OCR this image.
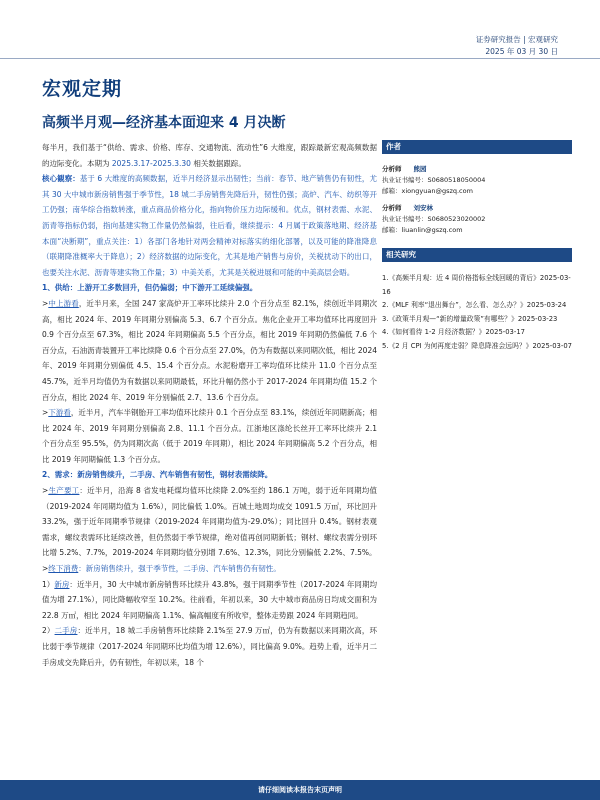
证券研究报告 | 宏观研究
2025 年 03 月 30 日
宏观定期
高频半月观—经济基本面迎来 4 月决断

每半月，我们基于“供给、需求、价格、库存、交通物流、流动性”6 大维度，跟踪最新宏观高频数据的边际变化。本期为 2025.3.17-2025.3.30 相关数据跟踪。

核心観察：基于 6 大维度的高频数据，近半月经济显示出韧性；当前：春节、地产销售仍有韧性，尤其 30 大中城市新房销售强于季节性，18 城二手房销售先降后升，韧性仍强；高炉、汽车、纺织等开工仍强；南华综合指数转涨，重点商品价格分化，指向物价压力边际缓和。优点，钢材表需、水泥、沥青等指标仍弱，指向基建实物工作量仍然偏弱，往后看，继续提示：4 月属于政策落地期、经济基本面“决断期”，重点关注：1）各部门各地针对两会精神对标落实的细化部署，以及可能的降准降息（联期降准概率大于降息）；2）经济数据的边际变化，尤其是地产销售与房价，关税扰动下的出口，也要关注水泥、沥青等建实物工作量；3）中美关系，尤其是关税进展和可能的中美高层会晤。

1、供给：上游开工多数回升，但仍偏弱；中下游开工延续偏强。

>中上游看，近半月来，全国 247 家高炉开工率环比续升 2.0 个百分点至 82.1%，续创近半同期次高，相比 2024 年、2019 年同期分别偏高 5.3、6.7 个百分点。焦化企业开工率均值环比再度回升 0.9 个百分点至 67.3%，相比 2024 年同期偏高 5.5 个百分点，相比 2019 年同期仍然偏低 7.6 个百分点，石油沥青装置开工率比续降 0.6 个百分点至 27.0%，仍为有数据以来同期次低，相比 2024 年、2019 年同期分别偏低 4.5、15.4 个百分点。水泥粉磨开工率均值环比续升 11.0 个百分点至 45.7%，近半月均值仍为有数据以来同期最低，环比升幅仍然小于 2017-2024 年同期均值 15.2 个百分点，相比 2024 年、2019 年分别偏低 2.7、13.6 个百分点。

>下游看，近半月，汽车半钢胎开工率均值环比续升 0.1 个百分点至 83.1%，续创近年同期新高；相比 2024 年、2019 年同期分别偏高 2.8、11.1 个百分点。江浙地区涤纶长丝开工率环比续升 2.1 个百分点至 95.5%，仍为同期次高（低于 2019 年同期），相比 2024 年同期偏高 5.2 个百分点，相比 2019 年同期偏低 1.3 个百分点。

2、需求：新房销售续升，二手房、汽车销售有韧性，钢材表需续降。

>生产要工：近半月，沿海 8 省发电耗煤均值环比续降 2.0%至约 186.1 万吨，弱于近年同期均值（2019-2024 年同期均值为 1.6%），同比偏低 1.0%。百城土地周均成交 1091.5 万㎡，环比回升 33.2%，强于近年同期季节规律（2019-2024 年同期均值为-29.0%）；同比回升 0.4%。钢材表观需求，螺纹表需环比延续改善，但仍然弱于季节规律，绝对值再创同期新低；钢材、螺纹表需分别环比增 5.2%、7.7%，2019-2024 年同期均值分别增 7.6%、12.3%，同比分别偏低 2.2%、7.5%。

>终下消费：新房销售续升，强于季节性，二手房、汽车销售仍有韧性。

1）新房：近半月，30 大中城市新房销售环比续升 43.8%，强于同期季节性（2017-2024 年同期均值为增 27.1%），同比降幅收窄至 10.2%。往前看，年初以来，30 大中城市商品房日均成交面积为 22.8 万㎡，相比 2024 年同期偏高 1.1%、偏高幅度有所收窄，整体走势跟 2024 年同期趋同。

2）二手房：近半月，18 城二手房销售环比续降 2.1%至 27.9 万㎡，仍为有数据以来同期次高，环比弱于季节规律（2017-2024 年同期环比均值为增 12.6%），同比偏高 9.0%。趋势上看，近半月二手房成交先降后升，仍有韧性，年初以来，18 个

作者
分析师 熊园
执业证书编号：S0680518050004
邮箱：xiongyuan@gszq.com
分析师 刘安林
执业证书编号：S0680523020002
邮箱：liuanlin@gszq.com
相关研究
1.《高频半月观：近 4 周价格指标全线回暖的背后》2025-03-16
2.《MLF 利率“退出舞台”，怎么看、怎么办？》2025-03-24
3.《政策半月观—“新的增量政策”有哪些？》2025-03-23
4.《如何看待 1-2 月经济数据？》2025-03-17
5.《2 月 CPI 为何再度走弱？降息降准会远吗？》2025-03-07
请仔细阅读本报告末页声明
